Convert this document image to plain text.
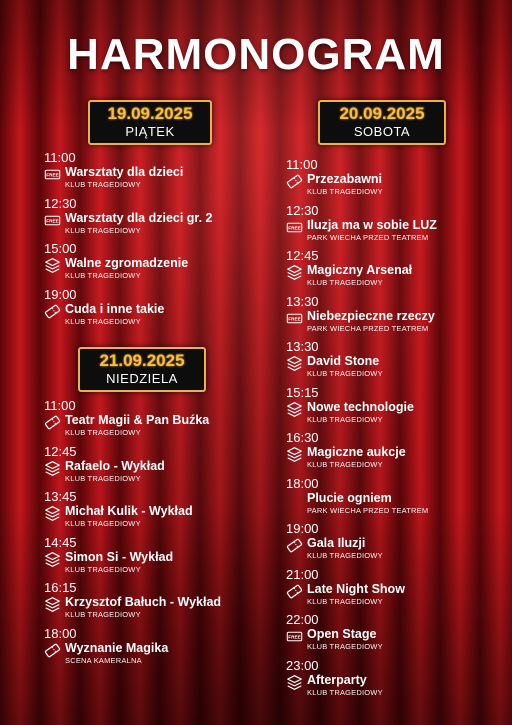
HARMONOGRAM
19.09.2025
PIĄTEK
20.09.2025
SOBOTA
21.09.2025
NIEDZIELA
11:00
FREE Warsztaty dla dzieci
KLUB TRAGEDIOWY
12:30
FREE Warsztaty dla dzieci gr. 2
KLUB TRAGEDIOWY
15:00
Walne zgromadzenie
KLUB TRAGEDIOWY
19:00
Cuda i inne takie
KLUB TRAGEDIOWY
11:00
Teatr Magii & Pan Buźka
KLUB TRAGEDIOWY
12:45
Rafaelo - Wykład
KLUB TRAGEDIOWY
13:45
Michał Kulik - Wykład
KLUB TRAGEDIOWY
14:45
Simon Si - Wykład
KLUB TRAGEDIOWY
16:15
Krzysztof Bałuch - Wykład
KLUB TRAGEDIOWY
18:00
Wyznanie Magika
SCENA KAMERALNA
11:00
Przezabawni
KLUB TRAGEDIOWY
12:30
FREE Iluzja ma w sobie LUZ
PARK WIECHA PRZED TEATREM
12:45
Magiczny Arsenał
KLUB TRAGEDIOWY
13:30
FREE Niebezpieczne rzeczy
PARK WIECHA PRZED TEATREM
13:30
David Stone
KLUB TRAGEDIOWY
15:15
Nowe technologie
KLUB TRAGEDIOWY
16:30
Magiczne aukcje
KLUB TRAGEDIOWY
18:00
Plucie ogniem
PARK WIECHA PRZED TEATREM
19:00
Gala Iluzji
KLUB TRAGEDIOWY
21:00
Late Night Show
KLUB TRAGEDIOWY
22:00
FREE Open Stage
KLUB TRAGEDIOWY
23:00
Afterparty
KLUB TRAGEDIOWY
